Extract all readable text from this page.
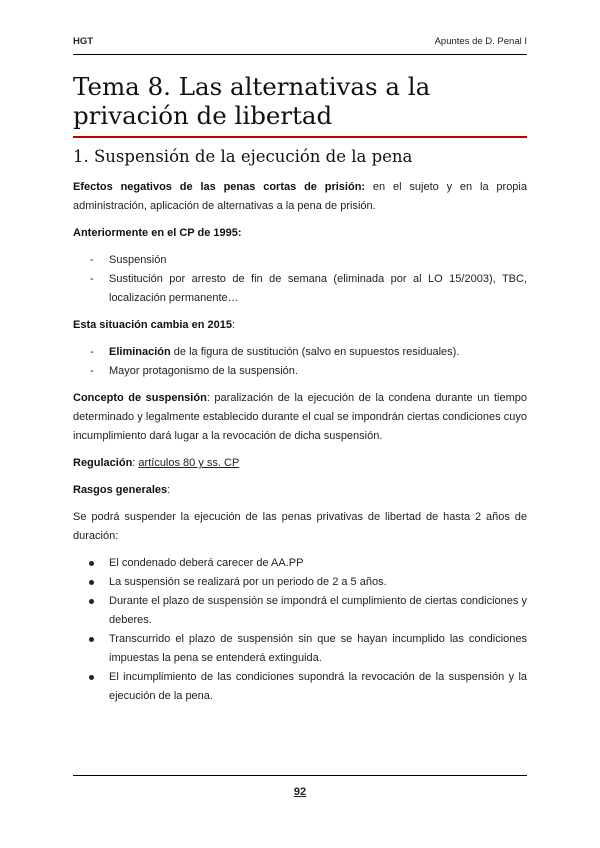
HGT	Apuntes de D. Penal I
Tema 8. Las alternativas a la privación de libertad
1. Suspensión de la ejecución de la pena

Efectos negativos de las penas cortas de prisión: en el sujeto y en la propia administración, aplicación de alternativas a la pena de prisión.

Anteriormente en el CP de 1995:

- Suspensión
- Sustitución por arresto de fin de semana (eliminada por al LO 15/2003), TBC, localización permanente…

Esta situación cambia en 2015:

- Eliminación de la figura de sustitución (salvo en supuestos residuales).
- Mayor protagonismo de la suspensión.

Concepto de suspensión: paralización de la ejecución de la condena durante un tiempo determinado y legalmente establecido durante el cual se impondrán ciertas condiciones cuyo incumplimiento dará lugar a la revocación de dicha suspensión.

Regulación: artículos 80 y ss. CP

Rasgos generales:

Se podrá suspender la ejecución de las penas privativas de libertad de hasta 2 años de duración:

El condenado deberá carecer de AA.PP
La suspensión se realizará por un periodo de 2 a 5 años.
Durante el plazo de suspensión se impondrá el cumplimiento de ciertas condiciones y deberes.
Transcurrido el plazo de suspensión sin que se hayan incumplido las condiciones impuestas la pena se entenderá extinguida.
El incumplimiento de las condiciones supondrá la revocación de la suspensión y la ejecución de la pena.
92
